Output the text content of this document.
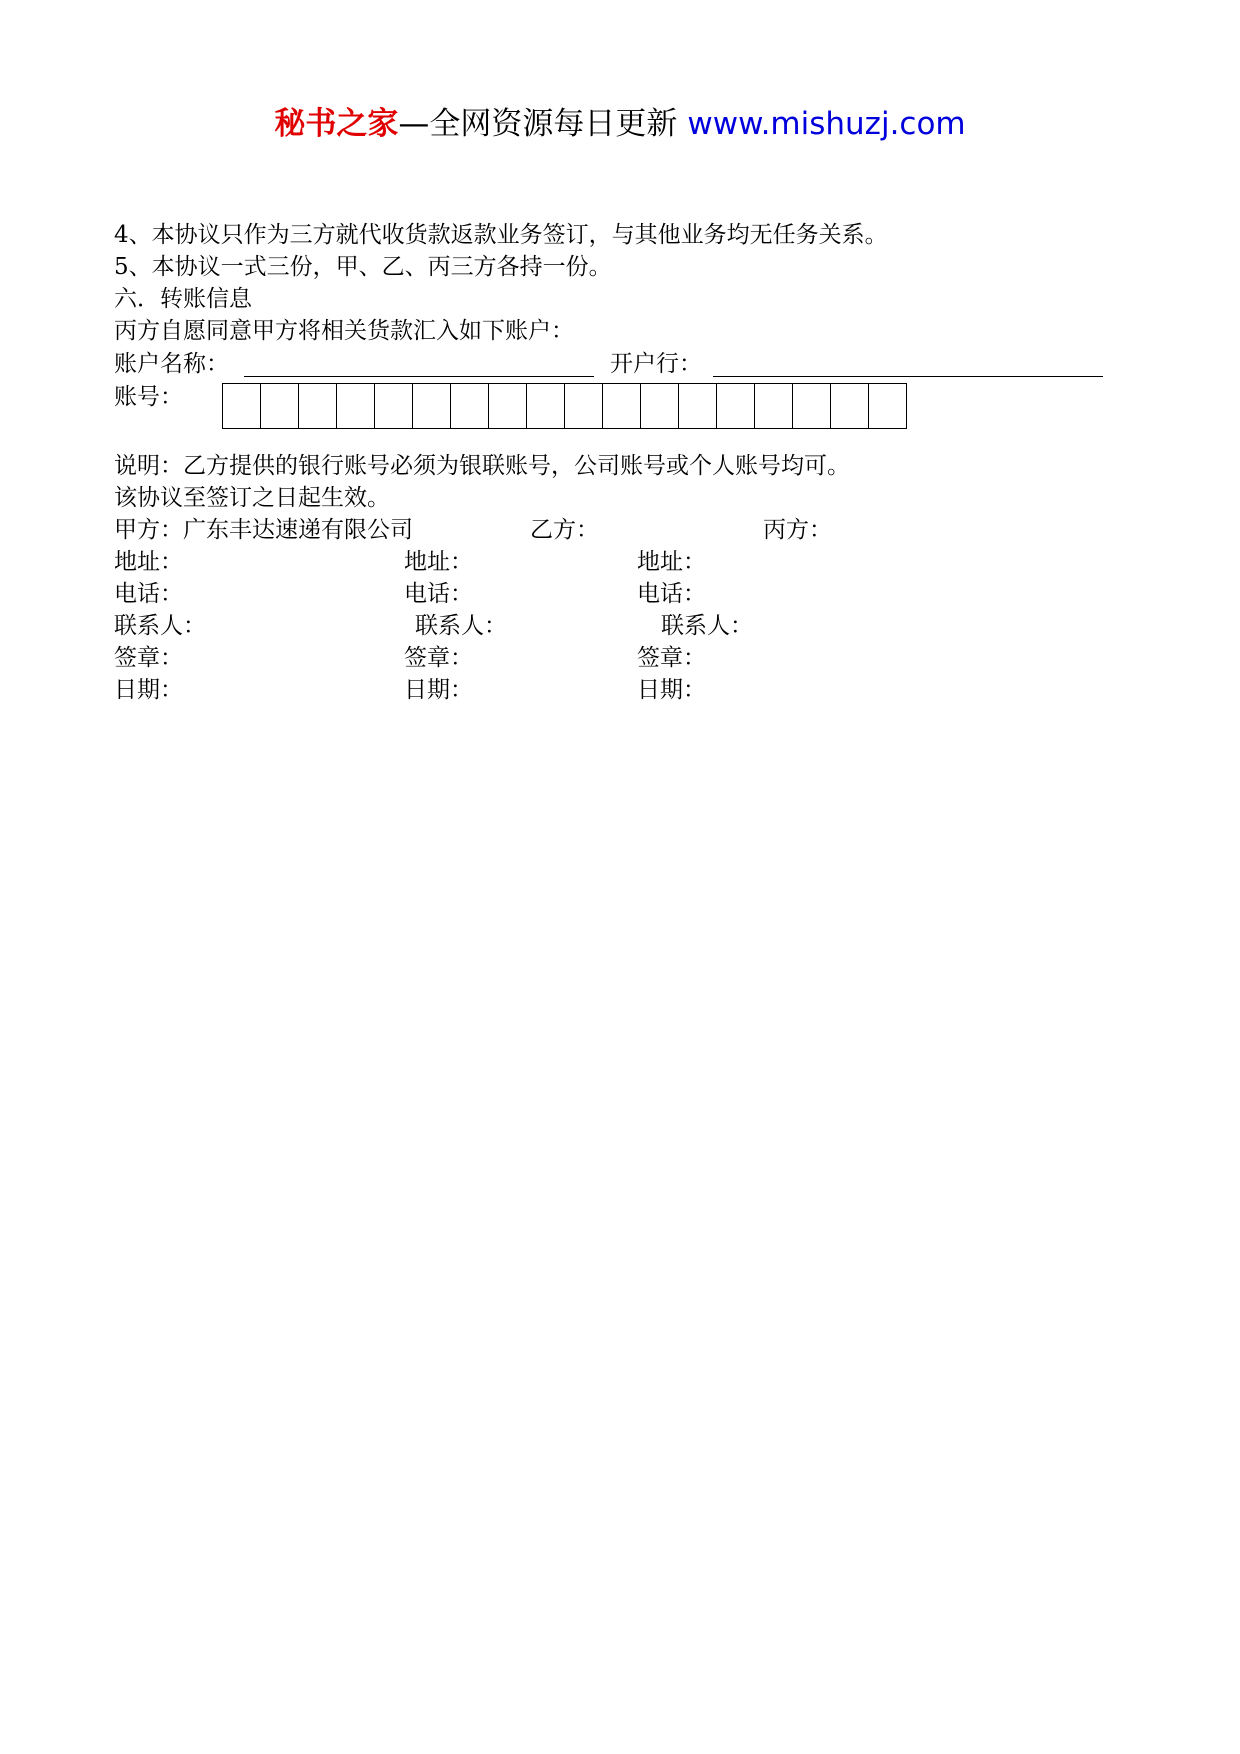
秘书之家—全网资源每日更新 www.mishuzj.com
4、本协议只作为三方就代收货款返款业务签订，与其他业务均无任务关系。
5、本协议一式三份，甲、乙、丙三方各持一份。
六．转账信息
丙方自愿同意甲方将相关货款汇入如下账户：
账户名称：	开户行：
账号：
说明：乙方提供的银行账号必须为银联账号，公司账号或个人账号均可。
该协议至签订之日起生效。
甲方：广东丰达速递有限公司	乙方：	丙方：
地址：	地址：	地址：
电话：	电话：	电话：
联系人：	联系人：	联系人：
签章：	签章：	签章：
日期：	日期：	日期：
